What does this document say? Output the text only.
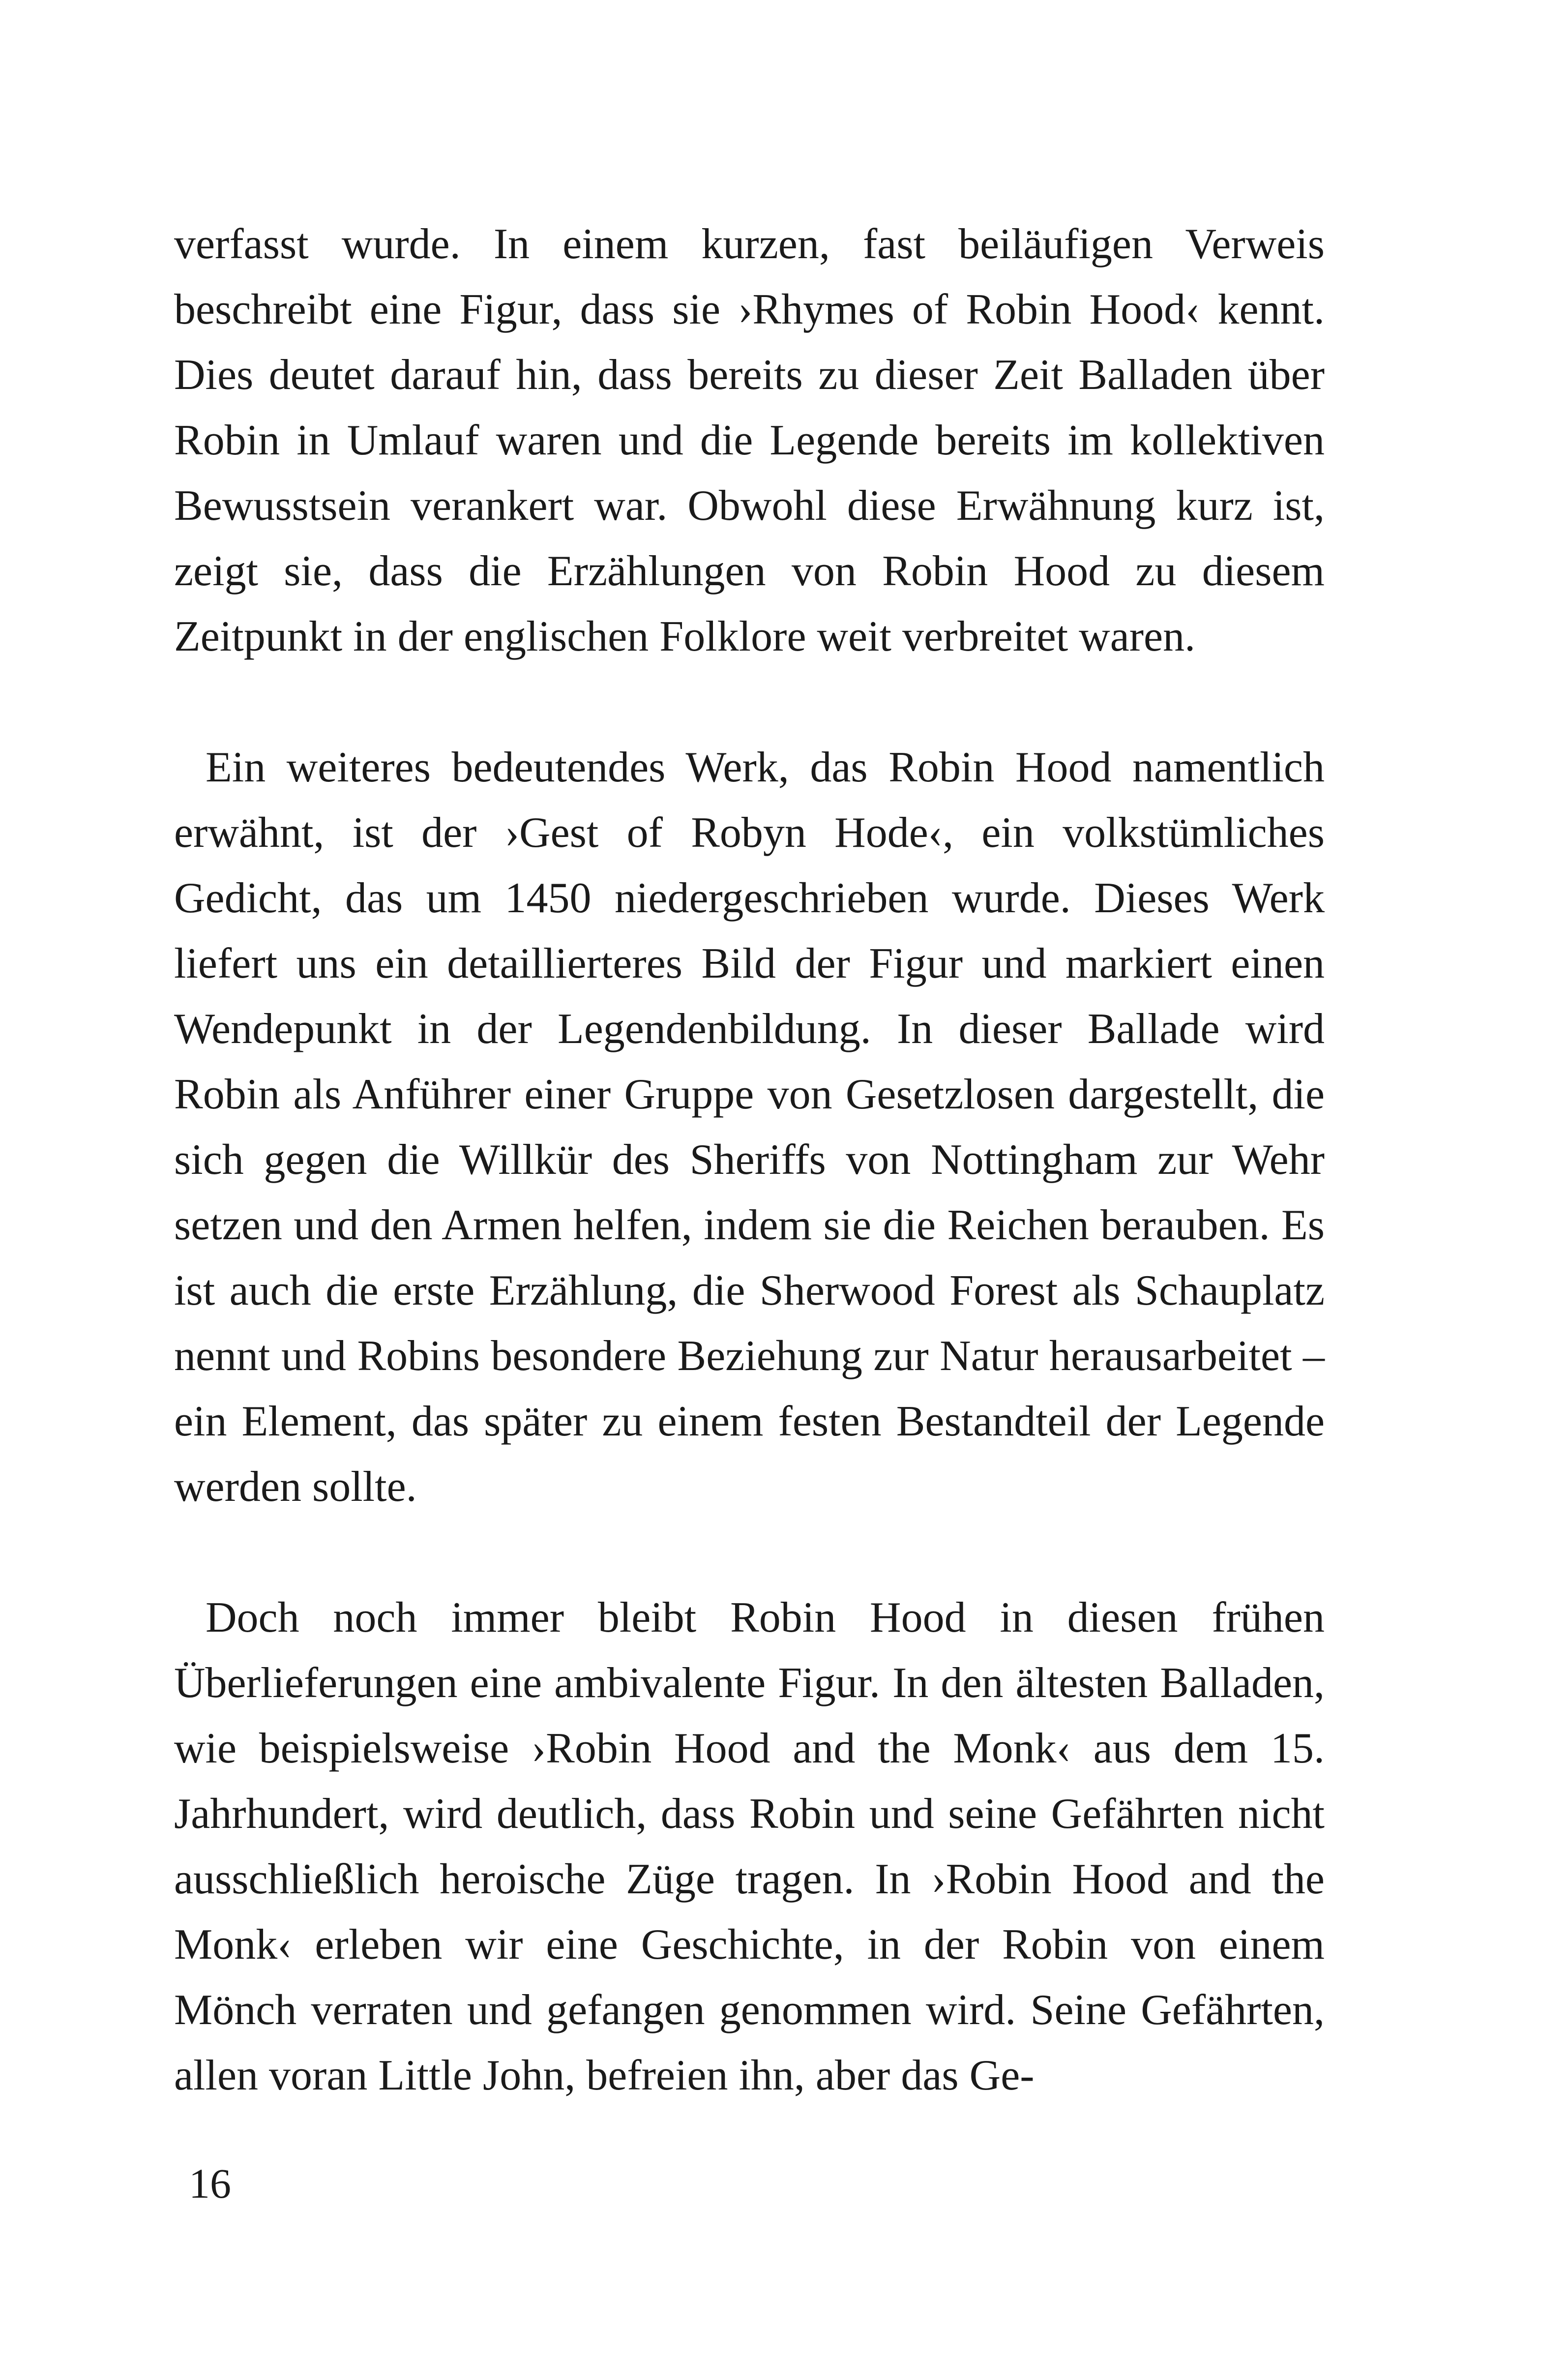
verfasst wurde. In einem kurzen, fast beiläufigen Verweis beschreibt eine Figur, dass sie ›Rhymes of Robin Hood‹ kennt. Dies deutet darauf hin, dass bereits zu dieser Zeit Balladen über Robin in Umlauf waren und die Legende bereits im kollektiven Bewusstsein verankert war. Obwohl diese Erwähnung kurz ist, zeigt sie, dass die Erzählungen von Robin Hood zu diesem Zeitpunkt in der englischen Folklore weit verbreitet waren.

Ein weiteres bedeutendes Werk, das Robin Hood namentlich erwähnt, ist der ›Gest of Robyn Hode‹, ein volkstümliches Gedicht, das um 1450 niedergeschrieben wurde. Dieses Werk liefert uns ein detaillierteres Bild der Figur und markiert einen Wendepunkt in der Legendenbildung. In dieser Ballade wird Robin als Anführer einer Gruppe von Gesetzlosen dargestellt, die sich gegen die Willkür des Sheriffs von Nottingham zur Wehr setzen und den Armen helfen, indem sie die Reichen berauben. Es ist auch die erste Erzählung, die Sherwood Forest als Schauplatz nennt und Robins besondere Beziehung zur Natur herausarbeitet – ein Element, das später zu einem festen Bestandteil der Legende werden sollte.

Doch noch immer bleibt Robin Hood in diesen frühen Überlieferungen eine ambivalente Figur. In den ältesten Balladen, wie beispielsweise ›Robin Hood and the Monk‹ aus dem 15. Jahrhundert, wird deutlich, dass Robin und seine Gefährten nicht ausschließlich heroische Züge tragen. In ›Robin Hood and the Monk‹ erleben wir eine Geschichte, in der Robin von einem Mönch verraten und gefangen genommen wird. Seine Gefährten, allen voran Little John, befreien ihn, aber das Ge-

16
